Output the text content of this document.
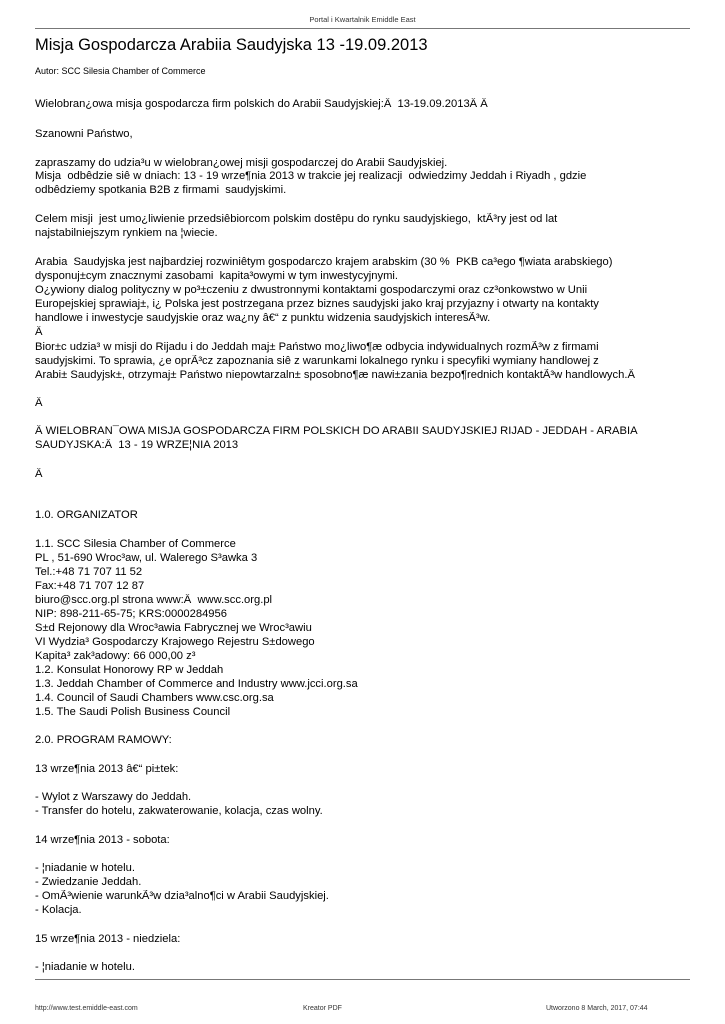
Portal i Kwartalnik Emiddle East
Misja Gospodarcza Arabiia Saudyjska 13 -19.09.2013
Autor: SCC Silesia Chamber of Commerce
Wielobran¿owa misja gospodarcza firm polskich do Arabii Saudyjskiej:Â  13-19.09.2013Â Â
Szanowni Państwo,
zapraszamy do udzia³u w wielobran¿owej misji gospodarczej do Arabii Saudyjskiej.
Misja  odbêdzie siê w dniach: 13 - 19 wrze¶nia 2013 w trakcie jej realizacji  odwiedzimy Jeddah i Riyadh , gdzie
odbêdziemy spotkania B2B z firmami  saudyjskimi.
Celem misji  jest umo¿liwienie przedsiêbiorcom polskim dostêpu do rynku saudyjskiego,  ktÃ³ry jest od lat
najstabilniejszym rynkiem na ¦wiecie.
Arabia  Saudyjska jest najbardziej rozwiniêtym gospodarczo krajem arabskim (30 %  PKB ca³ego ¶wiata arabskiego)
dysponuj±cym znacznymi zasobami  kapita³owymi w tym inwestycyjnymi.
O¿ywiony dialog polityczny w po³±czeniu z dwustronnymi kontaktami gospodarczymi oraz cz³onkowstwo w Unii
Europejskiej sprawiaj±, i¿ Polska jest postrzegana przez biznes saudyjski jako kraj przyjazny i otwarty na kontakty
handlowe i inwestycje saudyjskie oraz wa¿ny â€“ z punktu widzenia saudyjskich interesÃ³w.
Â
Bior±c udzia³ w misji do Rijadu i do Jeddah maj± Państwo mo¿liwo¶æ odbycia indywidualnych rozmÃ³w z firmami
saudyjskimi. To sprawia, ¿e oprÃ³cz zapoznania siê z warunkami lokalnego rynku i specyfiki wymiany handlowej z
Arabi± Saudyjsk±, otrzymaj± Państwo niepowtarzaln± sposobno¶æ nawi±zania bezpo¶rednich kontaktÃ³w handlowych.Â
Â
Â WIELOBRAN¯OWA MISJA GOSPODARCZA FIRM POLSKICH DO ARABII SAUDYJSKIEJ RIJAD - JEDDAH - ARABIA
SAUDYJSKA:Â  13 - 19 WRZE¦NIA 2013
Â
1.0. ORGANIZATOR
1.1. SCC Silesia Chamber of Commerce
PL , 51-690 Wroc³aw, ul. Walerego S³awka 3
Tel.:+48 71 707 11 52
Fax:+48 71 707 12 87
biuro@scc.org.pl strona www:Â  www.scc.org.pl
NIP: 898-211-65-75; KRS:0000284956
S±d Rejonowy dla Wroc³awia Fabrycznej we Wroc³awiu
VI Wydzia³ Gospodarczy Krajowego Rejestru S±dowego
Kapita³ zak³adowy: 66 000,00 z³
1.2. Konsulat Honorowy RP w Jeddah
1.3. Jeddah Chamber of Commerce and Industry www.jcci.org.sa
1.4. Council of Saudi Chambers www.csc.org.sa
1.5. The Saudi Polish Business Council
2.0. PROGRAM RAMOWY:
13 wrze¶nia 2013 â€“ pi±tek:
- Wylot z Warszawy do Jeddah.
- Transfer do hotelu, zakwaterowanie, kolacja, czas wolny.
14 wrze¶nia 2013 - sobota:
- ¦niadanie w hotelu.
- Zwiedzanie Jeddah.
- OmÃ³wienie warunkÃ³w dzia³alno¶ci w Arabii Saudyjskiej.
- Kolacja.
15 wrze¶nia 2013 - niedziela:
- ¦niadanie w hotelu.
http://www.test.emiddle-east.com	Kreator PDF	Utworzono 8 March, 2017, 07:44
